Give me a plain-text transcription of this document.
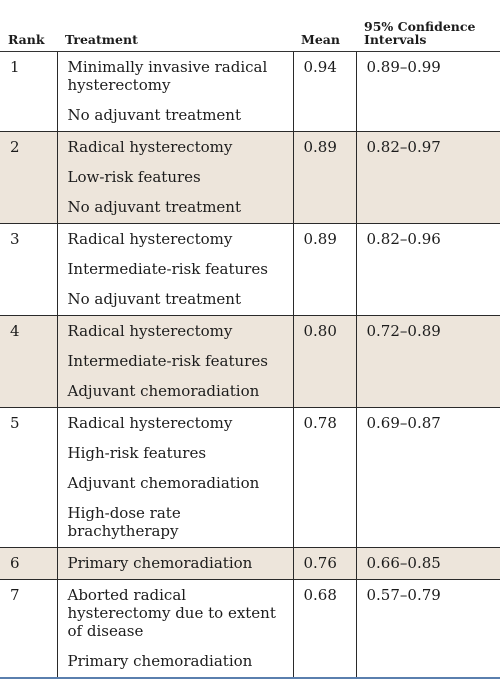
Rank	Treatment	Mean	95% Confidence Intervals
1	Minimally invasive radical hysterectomy
No adjuvant treatment	0.94	0.89–0.99
2	Radical hysterectomy
Low-risk features
No adjuvant treatment	0.89	0.82–0.97
3	Radical hysterectomy
Intermediate-risk features
No adjuvant treatment	0.89	0.82–0.96
4	Radical hysterectomy
Intermediate-risk features
Adjuvant chemoradiation	0.80	0.72–0.89
5	Radical hysterectomy
High-risk features
Adjuvant chemoradiation
High-dose rate brachytherapy	0.78	0.69–0.87
6	Primary chemoradiation	0.76	0.66–0.85
7	Aborted radical hysterectomy due to extent of disease
Primary chemoradiation	0.68	0.57–0.79
